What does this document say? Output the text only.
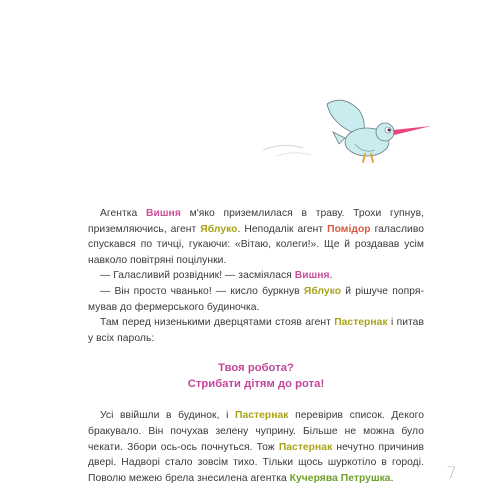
Агентка Вишня м'яко приземлилася в траву. Трохи гупнув, приземляючись, агент Яблуко. Неподалік агент Помідор галасливо спускався по тичці, гукаючи: «Вітаю, колеги!». Ще й роздавав усім навколо повітряні поцілунки.

— Галасливий розвідник! — засміялася Вишня.

— Він просто чванько! — кисло буркнув Яблуко й рішуче попрямував до фермерського будиночка.

Там перед низенькими дверцятами стояв агент Пастернак і питав у всіх пароль:

Твоя робота?
Стрибати дітям до рота!

Усі ввійшли в будинок, і Пастернак перевірив список. Декого бракувало. Він почухав зелену чуприну. Більше не можна було чекати. Збори ось-ось почнуться. Тож Пастернак нечутно причинив двері. Надворі стало зовсім тихо. Тільки щось шуркотіло в городі. Поволю межею брела знесилена агентка Кучерява Петрушка.	7
